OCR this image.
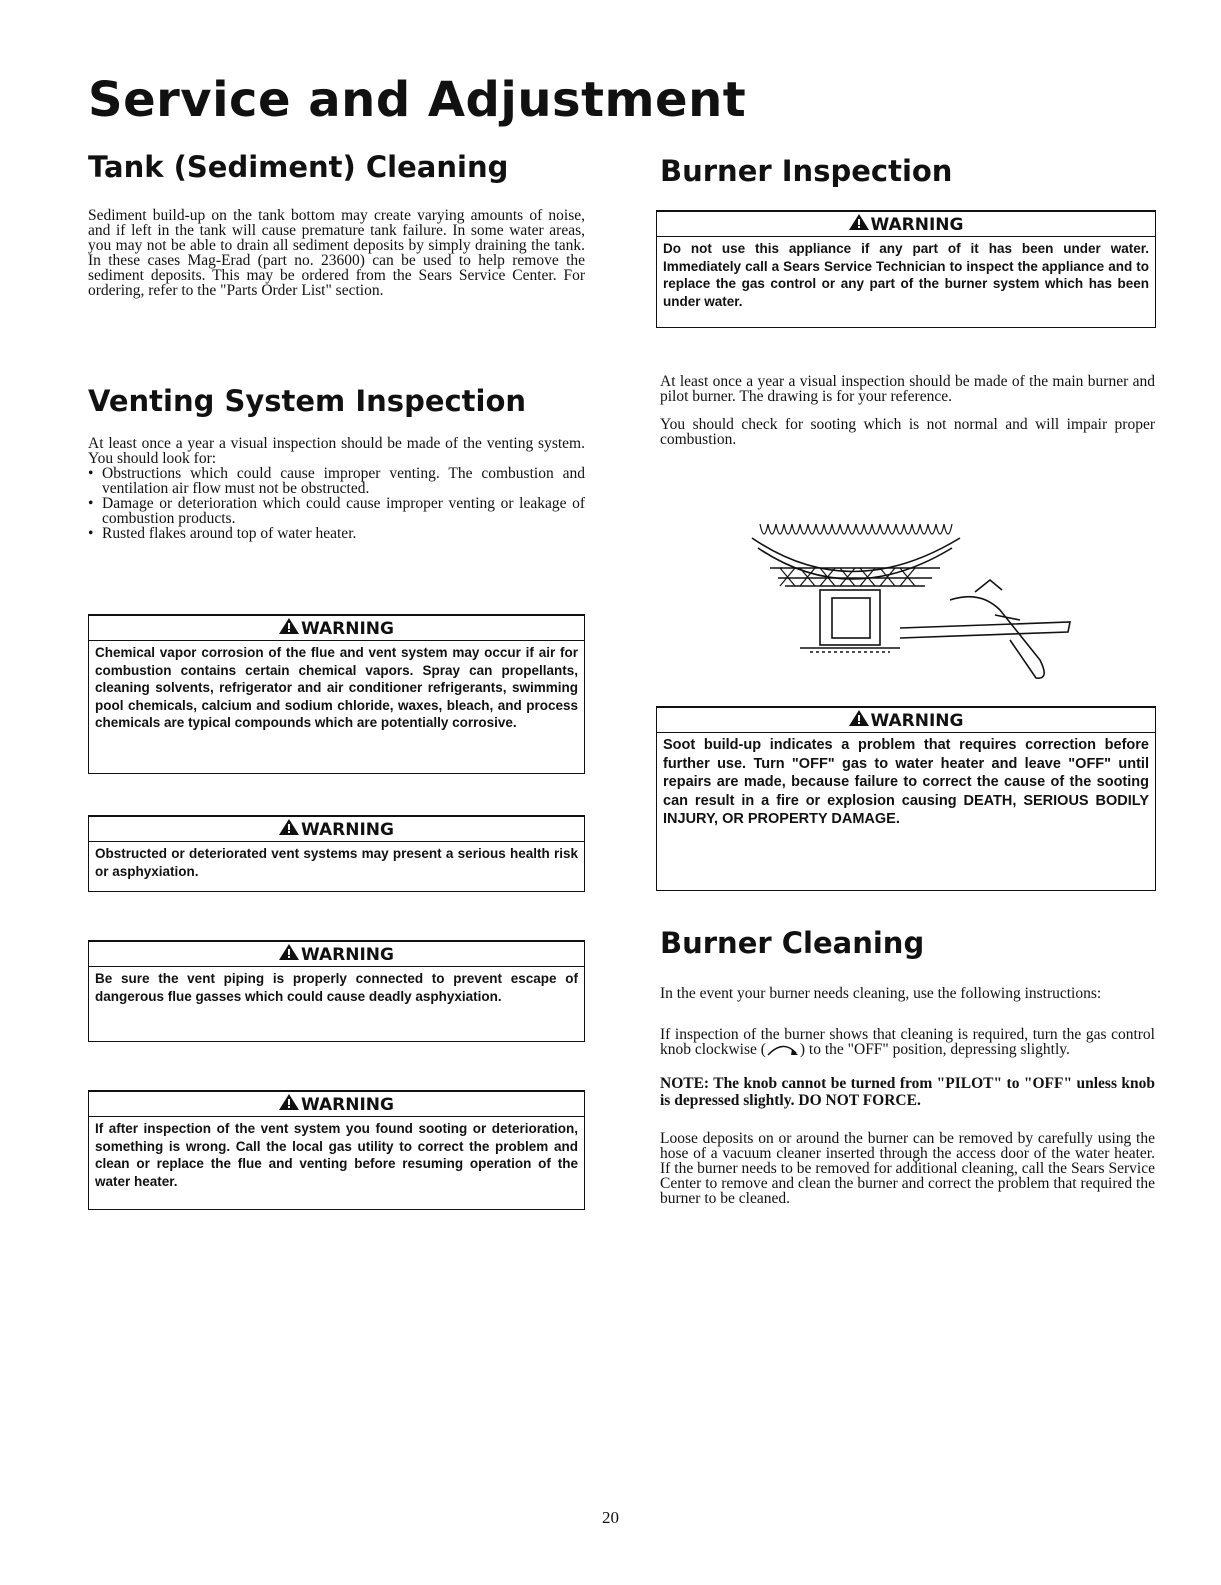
Service and Adjustment
Tank (Sediment) Cleaning

Sediment build-up on the tank bottom may create varying amounts of noise, and if left in the tank will cause premature tank failure. In some water areas, you may not be able to drain all sediment deposits by simply draining the tank. In these cases Mag-Erad (part no. 23600) can be used to help remove the sediment deposits. This may be ordered from the Sears Service Center. For ordering, refer to the "Parts Order List" section.

Venting System Inspection

At least once a year a visual inspection should be made of the venting system. You should look for:

• Obstructions which could cause improper venting. The combustion and ventilation air flow must not be obstructed.
• Damage or deterioration which could cause improper venting or leakage of combustion products.
• Rusted flakes around top of water heater.
WARNING
Chemical vapor corrosion of the flue and vent system may occur if air for combustion contains certain chemical vapors. Spray can propellants, cleaning solvents, refrigerator and air conditioner refrigerants, swimming pool chemicals, calcium and sodium chloride, waxes, bleach, and process chemicals are typical compounds which are potentially corrosive.
WARNING
Obstructed or deteriorated vent systems may present a serious health risk or asphyxiation.
WARNING
Be sure the vent piping is properly connected to prevent escape of dangerous flue gasses which could cause deadly asphyxiation.
WARNING
If after inspection of the vent system you found sooting or deterioration, something is wrong. Call the local gas utility to correct the problem and clean or replace the flue and venting before resuming operation of the water heater.
Burner Inspection
WARNING
Do not use this appliance if any part of it has been under water. Immediately call a Sears Service Technician to inspect the appliance and to replace the gas control or any part of the burner system which has been under water.

At least once a year a visual inspection should be made of the main burner and pilot burner. The drawing is for your reference.

You should check for sooting which is not normal and will impair proper combustion.

WARNING
Soot build-up indicates a problem that requires correction before further use. Turn "OFF" gas to water heater and leave "OFF" until repairs are made, because failure to correct the cause of the sooting can result in a fire or explosion causing DEATH, SERIOUS BODILY INJURY, OR PROPERTY DAMAGE.
Burner Cleaning

In the event your burner needs cleaning, use the following instructions:

If inspection of the burner shows that cleaning is required, turn the gas control knob clockwise ( ) to the "OFF" position, depressing slightly.

NOTE: The knob cannot be turned from "PILOT" to "OFF" unless knob is depressed slightly. DO NOT FORCE.

Loose deposits on or around the burner can be removed by carefully using the hose of a vacuum cleaner inserted through the access door of the water heater. If the burner needs to be removed for additional cleaning, call the Sears Service Center to remove and clean the burner and correct the problem that required the burner to be cleaned.

20
